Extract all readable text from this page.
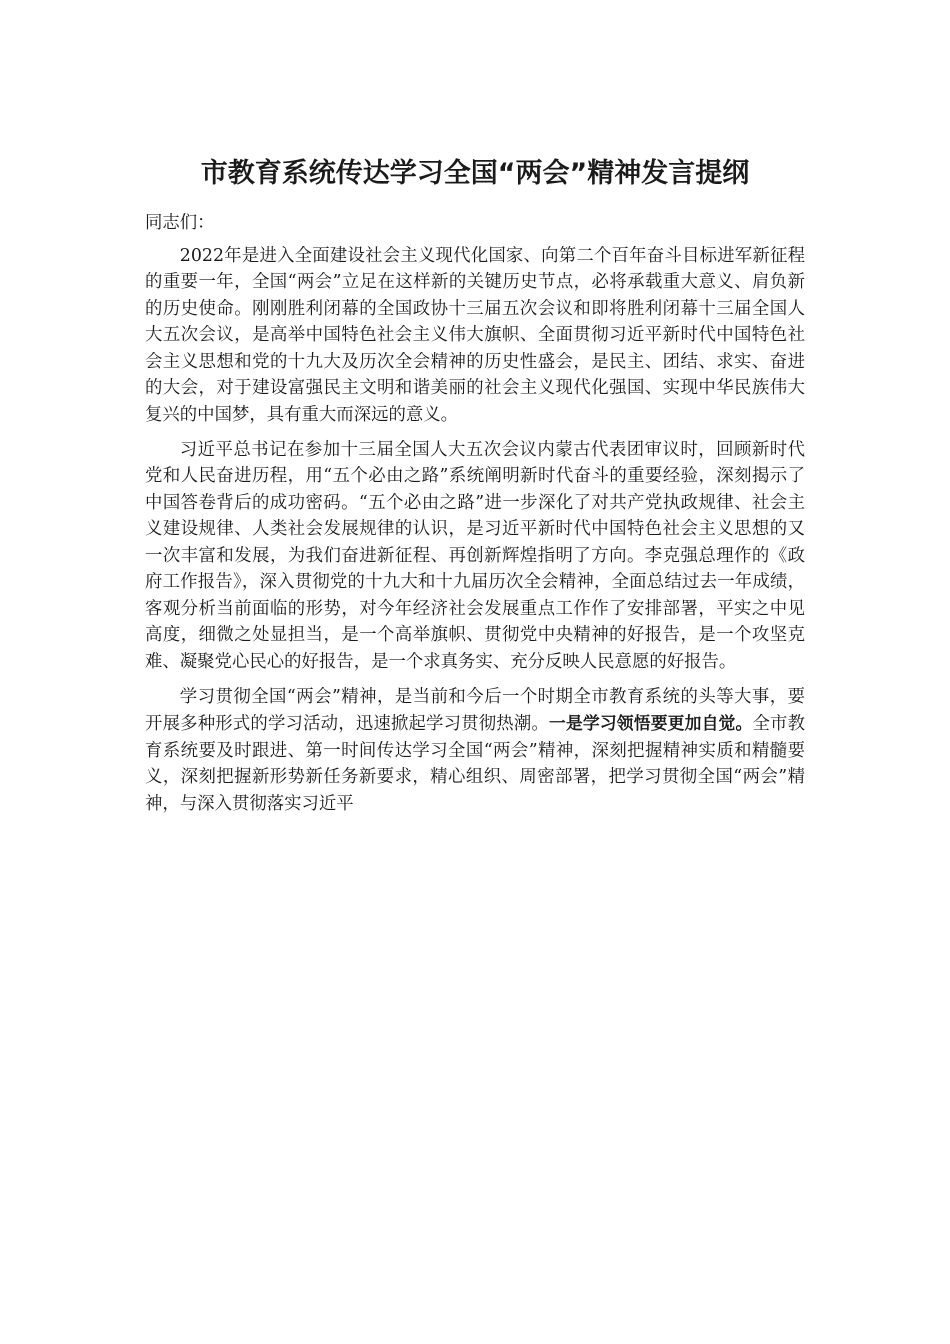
市教育系统传达学习全国“两会”精神发言提纲

同志们：

2022年是进入全面建设社会主义现代化国家、向第二个百年奋斗目标进军新征程的重要一年，全国“两会”立足在这样新的关键历史节点，必将承载重大意义、肩负新的历史使命。刚刚胜利闭幕的全国政协十三届五次会议和即将胜利闭幕十三届全国人大五次会议，是高举中国特色社会主义伟大旗帜、全面贯彻习近平新时代中国特色社会主义思想和党的十九大及历次全会精神的历史性盛会，是民主、团结、求实、奋进的大会，对于建设富强民主文明和谐美丽的社会主义现代化强国、实现中华民族伟大复兴的中国梦，具有重大而深远的意义。

习近平总书记在参加十三届全国人大五次会议内蒙古代表团审议时，回顾新时代党和人民奋进历程，用“五个必由之路”系统阐明新时代奋斗的重要经验，深刻揭示了中国答卷背后的成功密码。“五个必由之路”进一步深化了对共产党执政规律、社会主义建设规律、人类社会发展规律的认识，是习近平新时代中国特色社会主义思想的又一次丰富和发展，为我们奋进新征程、再创新辉煌指明了方向。李克强总理作的《政府工作报告》，深入贯彻党的十九大和十九届历次全会精神，全面总结过去一年成绩，客观分析当前面临的形势，对今年经济社会发展重点工作作了安排部署，平实之中见高度，细微之处显担当，是一个高举旗帜、贯彻党中央精神的好报告，是一个攻坚克难、凝聚党心民心的好报告，是一个求真务实、充分反映人民意愿的好报告。

学习贯彻全国“两会”精神，是当前和今后一个时期全市教育系统的头等大事，要开展多种形式的学习活动，迅速掀起学习贯彻热潮。一是学习领悟要更加自觉。全市教育系统要及时跟进、第一时间传达学习全国“两会”精神，深刻把握精神实质和精髓要义，深刻把握新形势新任务新要求，精心组织、周密部署，把学习贯彻全国“两会”精神，与深入贯彻落实习近平
